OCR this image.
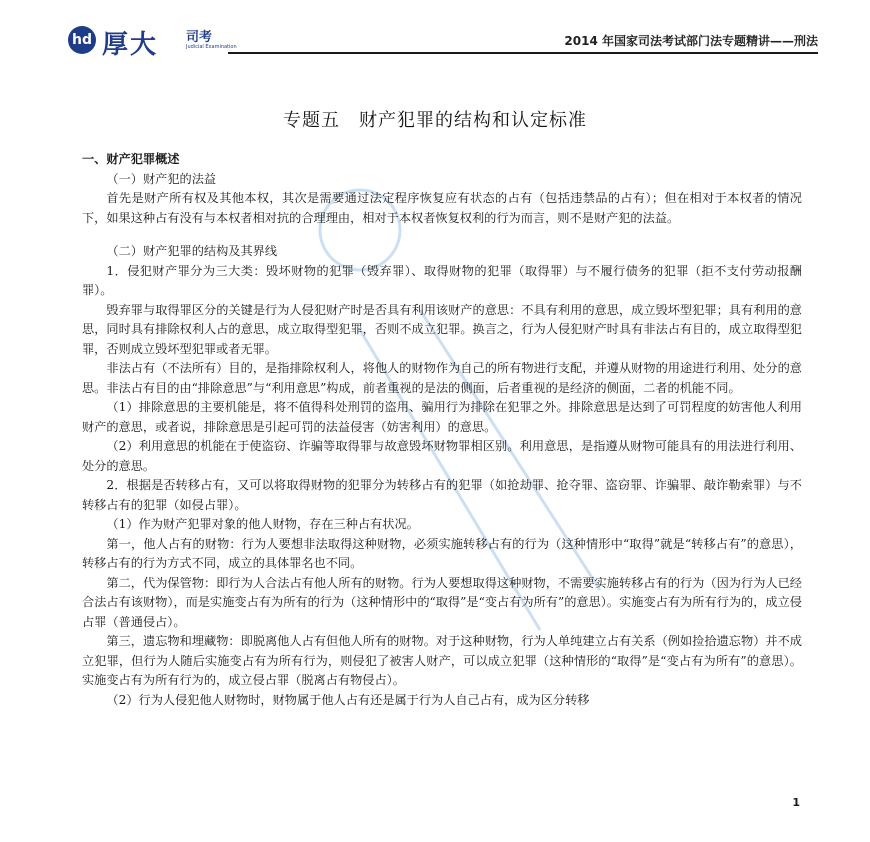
hd 厚大 司考
Judicial Examination	2014 年国家司法考试部门法专题精讲——刑法
专题五　财产犯罪的结构和认定标准

一、财产犯罪概述

（一）财产犯的法益

首先是财产所有权及其他本权，其次是需要通过法定程序恢复应有状态的占有（包括违禁品的占有）；但在相对于本权者的情况下，如果这种占有没有与本权者相对抗的合理理由，相对于本权者恢复权利的行为而言，则不是财产犯的法益。

（二）财产犯罪的结构及其界线

1．侵犯财产罪分为三大类：毁坏财物的犯罪（毁弃罪）、取得财物的犯罪（取得罪）与不履行债务的犯罪（拒不支付劳动报酬罪）。

毁弃罪与取得罪区分的关键是行为人侵犯财产时是否具有利用该财产的意思：不具有利用的意思，成立毁坏型犯罪；具有利用的意思，同时具有排除权利人占的意思，成立取得型犯罪，否则不成立犯罪。换言之，行为人侵犯财产时具有非法占有目的，成立取得型犯罪，否则成立毁坏型犯罪或者无罪。

非法占有（不法所有）目的，是指排除权利人，将他人的财物作为自己的所有物进行支配，并遵从财物的用途进行利用、处分的意思。非法占有目的由“排除意思”与“利用意思”构成，前者重视的是法的侧面，后者重视的是经济的侧面，二者的机能不同。

（1）排除意思的主要机能是，将不值得科处刑罚的盗用、骗用行为排除在犯罪之外。排除意思是达到了可罚程度的妨害他人利用财产的意思，或者说，排除意思是引起可罚的法益侵害（妨害利用）的意思。

（2）利用意思的机能在于使盗窃、诈骗等取得罪与故意毁坏财物罪相区别。利用意思，是指遵从财物可能具有的用法进行利用、处分的意思。

2．根据是否转移占有，又可以将取得财物的犯罪分为转移占有的犯罪（如抢劫罪、抢夺罪、盗窃罪、诈骗罪、敲诈勒索罪）与不转移占有的犯罪（如侵占罪）。

（1）作为财产犯罪对象的他人财物，存在三种占有状况。

第一，他人占有的财物：行为人要想非法取得这种财物，必须实施转移占有的行为（这种情形中“取得”就是“转移占有”的意思），转移占有的行为方式不同，成立的具体罪名也不同。

第二，代为保管物：即行为人合法占有他人所有的财物。行为人要想取得这种财物，不需要实施转移占有的行为（因为行为人已经合法占有该财物），而是实施变占有为所有的行为（这种情形中的“取得”是“变占有为所有”的意思）。实施变占有为所有行为的，成立侵占罪（普通侵占）。

第三，遗忘物和埋藏物：即脱离他人占有但他人所有的财物。对于这种财物，行为人单纯建立占有关系（例如捡拾遗忘物）并不成立犯罪，但行为人随后实施变占有为所有行为，则侵犯了被害人财产，可以成立犯罪（这种情形的“取得”是“变占有为所有”的意思）。实施变占有为所有行为的，成立侵占罪（脱离占有物侵占）。

（2）行为人侵犯他人财物时，财物属于他人占有还是属于行为人自己占有，成为区分转移

1
